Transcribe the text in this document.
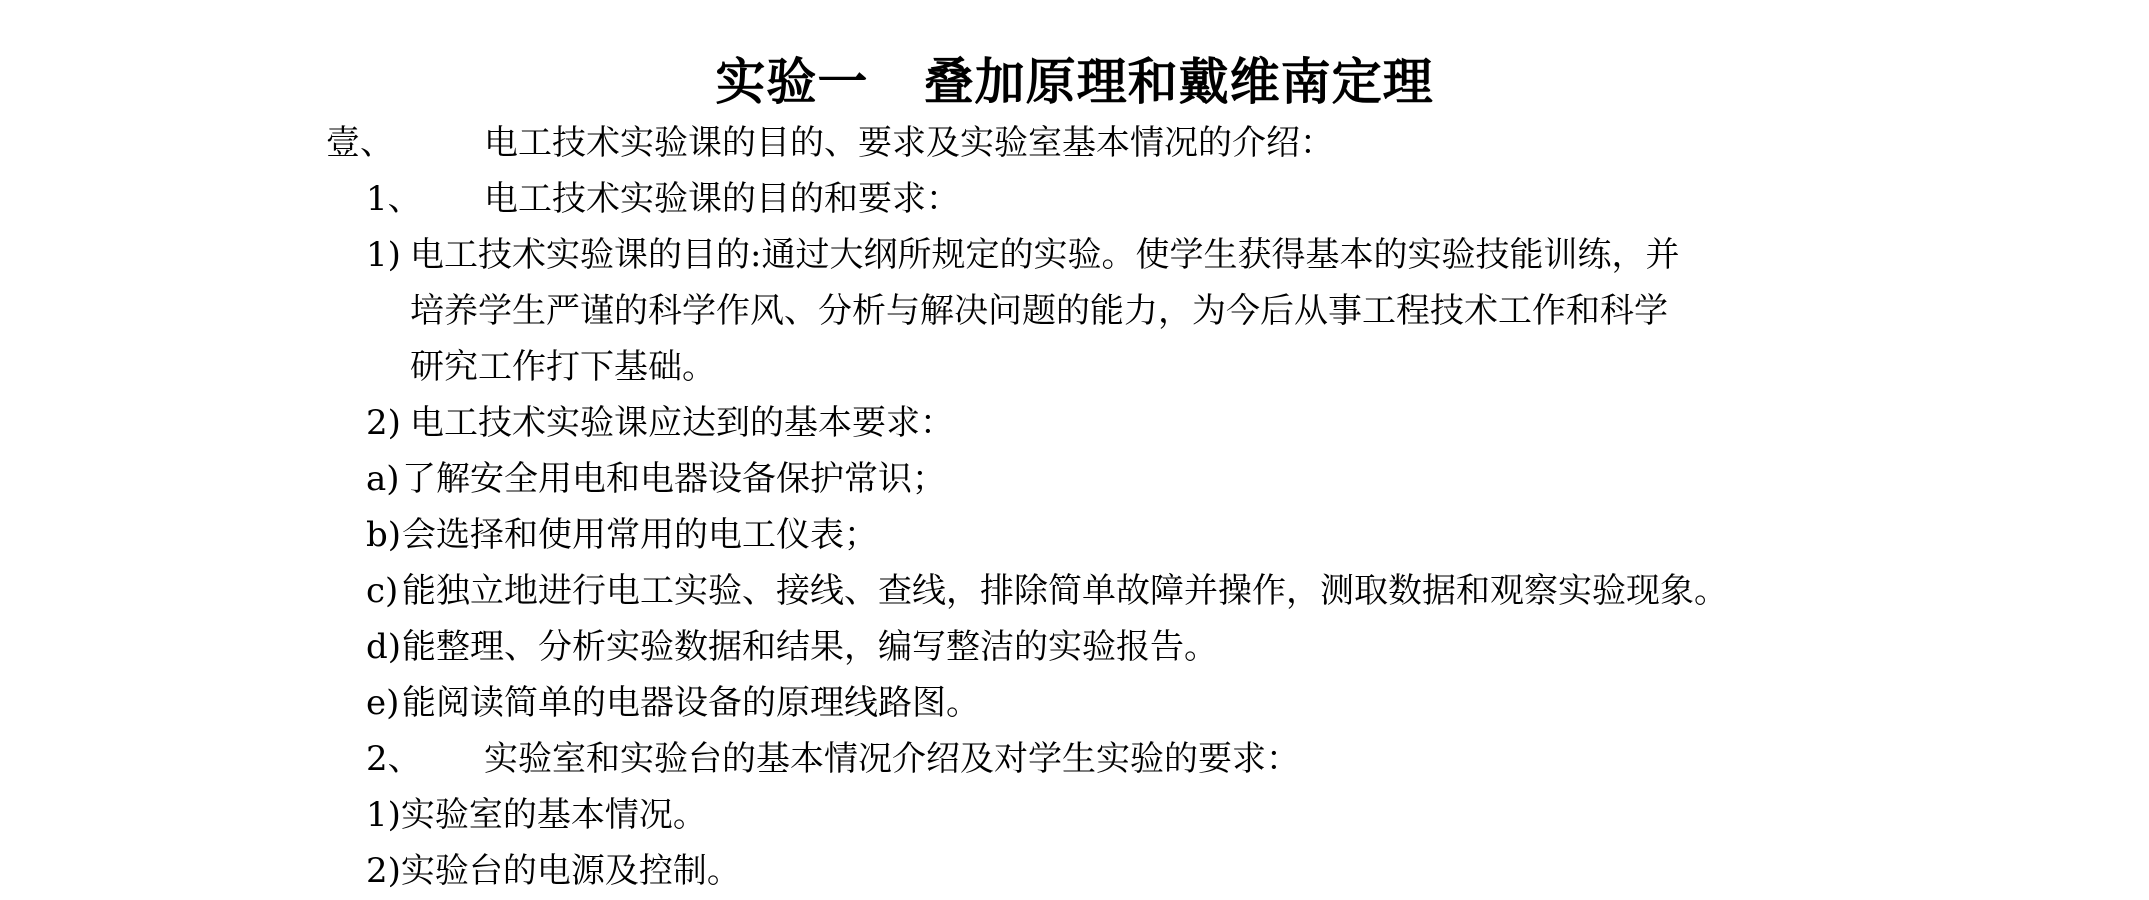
实验一   叠加原理和戴维南定理
壹、	电工技术实验课的目的、要求及实验室基本情况的介绍：
1、 电工技术实验课的目的和要求：
1) 电工技术实验课的目的:通过大纲所规定的实验。使学生获得基本的实验技能训练，并
培养学生严谨的科学作风、分析与解决问题的能力，为今后从事工程技术工作和科学
研究工作打下基础。
2) 电工技术实验课应达到的基本要求：
a)了解安全用电和电器设备保护常识；
b)会选择和使用常用的电工仪表；
c) 能独立地进行电工实验、接线、查线，排除简单故障并操作，测取数据和观察实验现象。
d)能整理、分析实验数据和结果，编写整洁的实验报告。
e)能阅读简单的电器设备的原理线路图。
2、 实验室和实验台的基本情况介绍及对学生实验的要求：
1)实验室的基本情况。
2)实验台的电源及控制。
